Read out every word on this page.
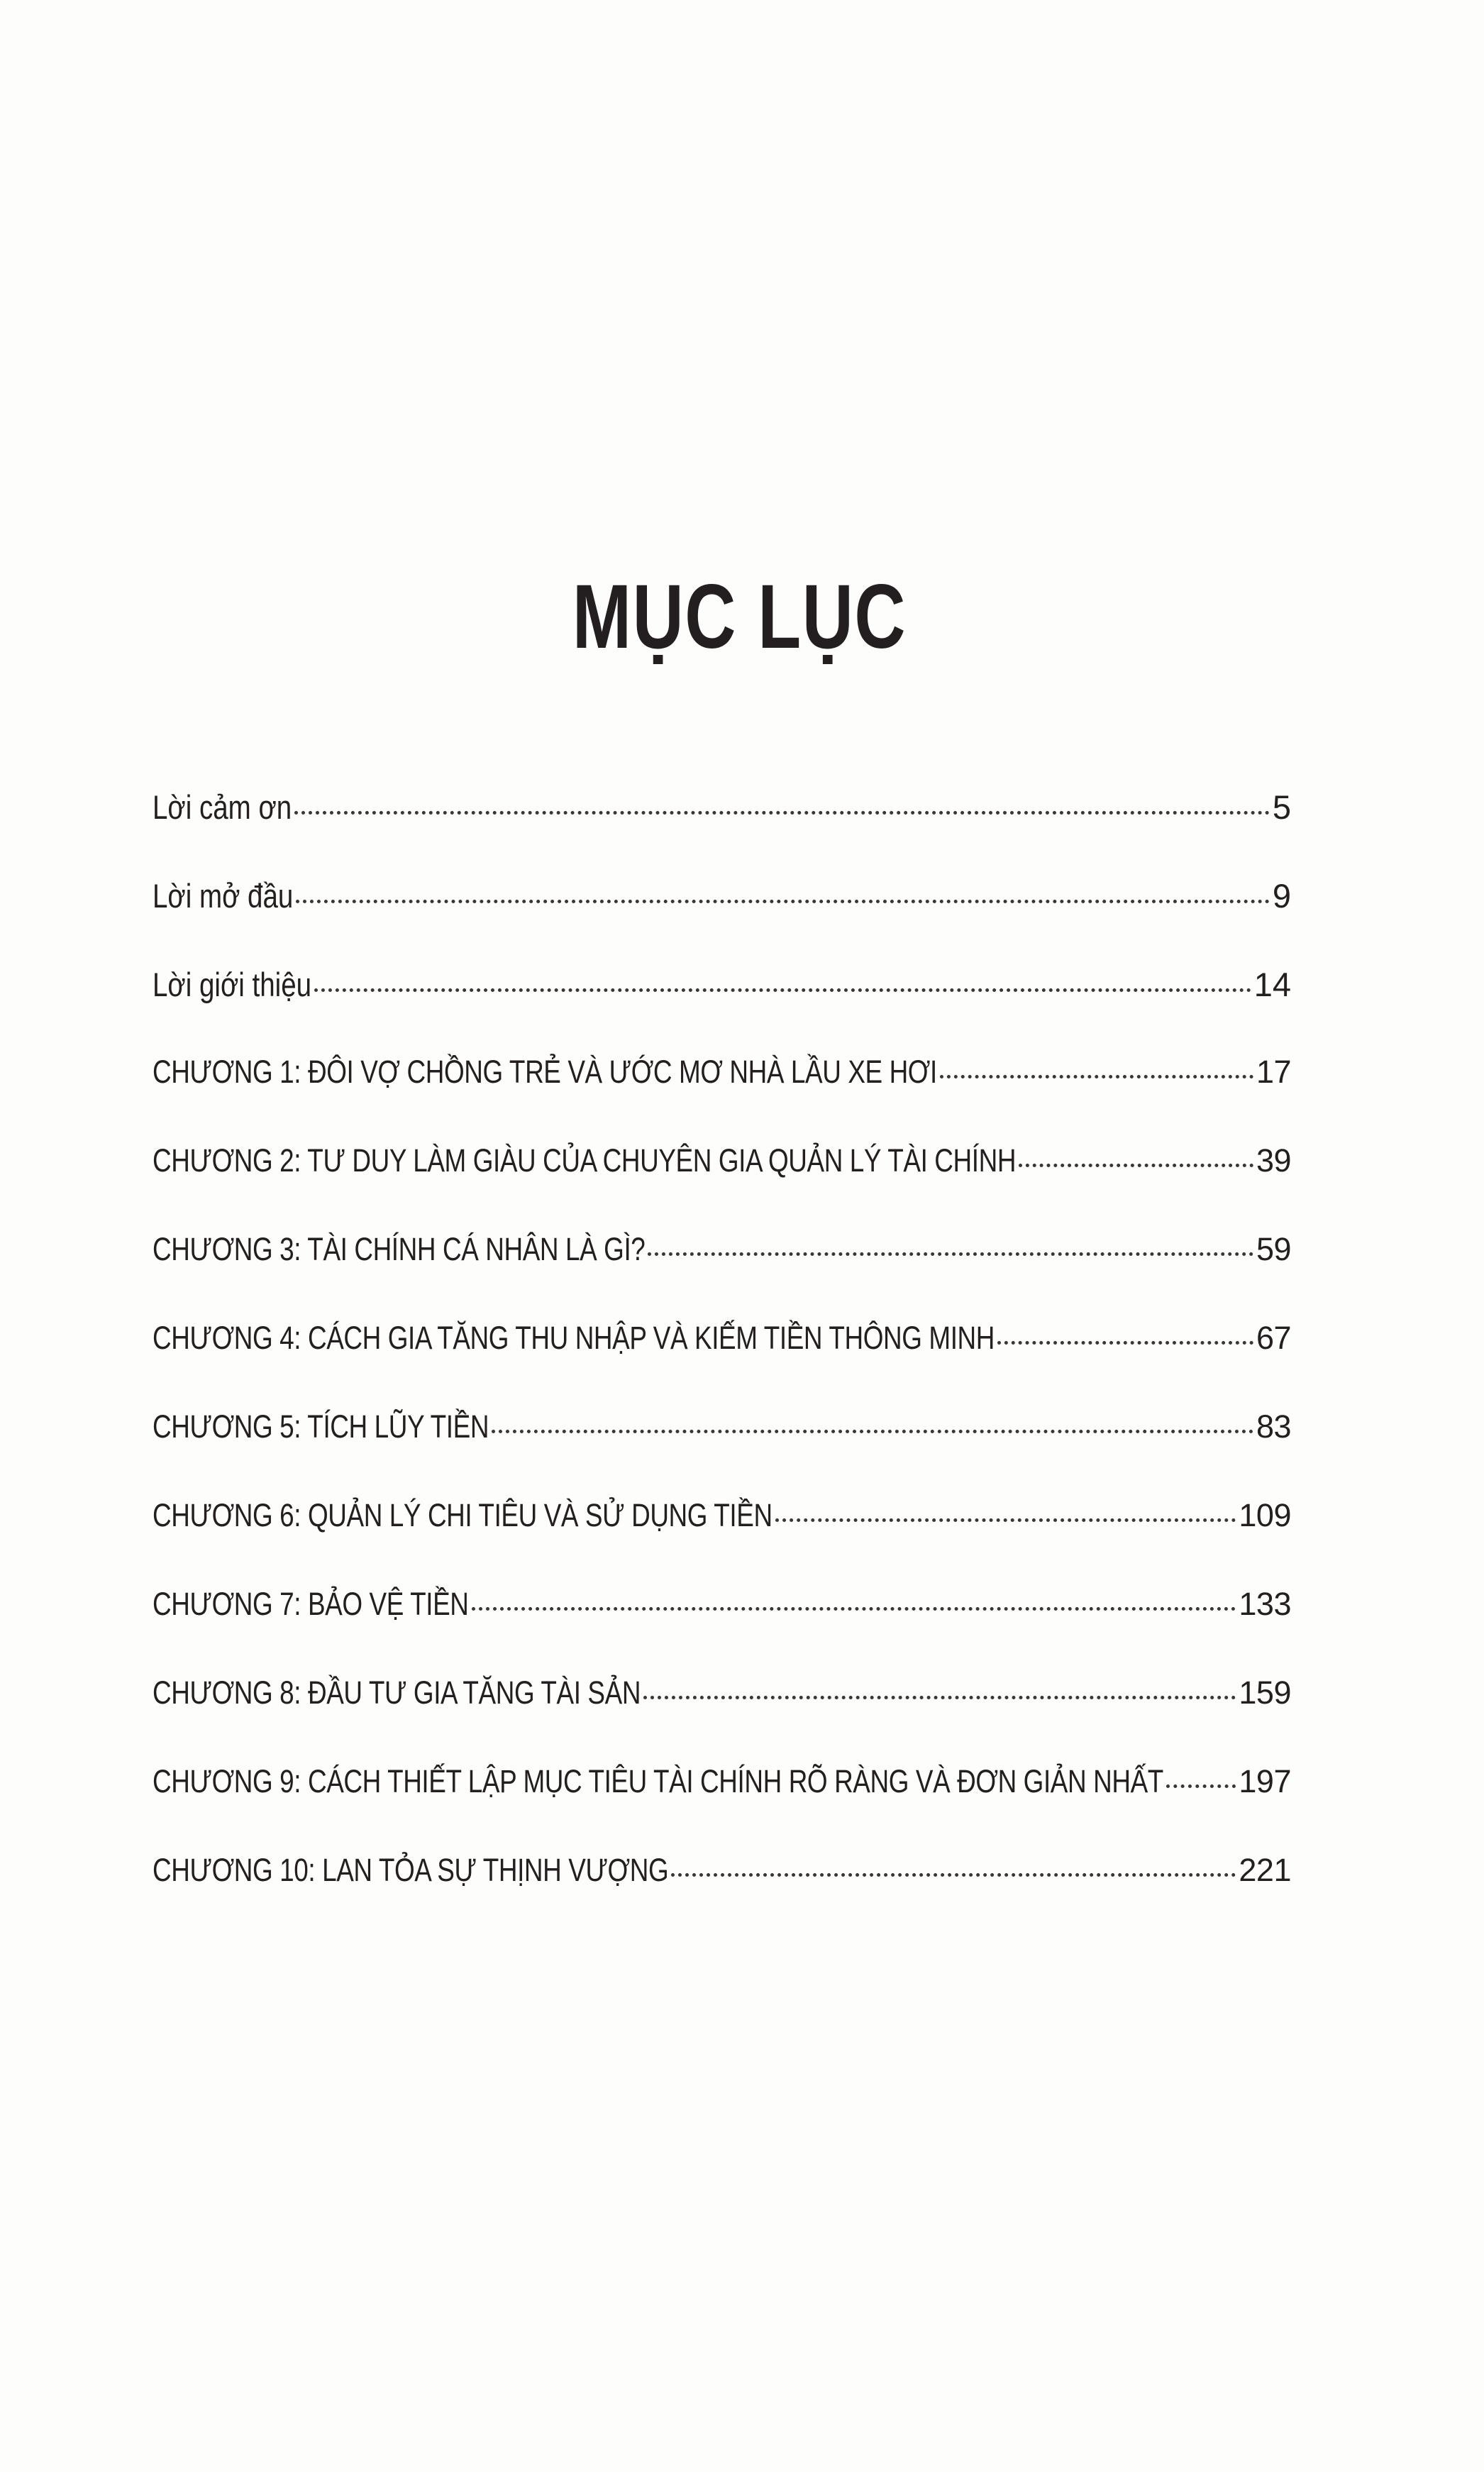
MỤC LỤC
Lời cảm ơn	5
Lời mở đầu	9
Lời giới thiệu	14
CHƯƠNG 1: ĐÔI VỢ CHỒNG TRẺ VÀ ƯỚC MƠ NHÀ LẦU XE HƠI	17
CHƯƠNG 2: TƯ DUY LÀM GIÀU CỦA CHUYÊN GIA QUẢN LÝ TÀI CHÍNH	39
CHƯƠNG 3: TÀI CHÍNH CÁ NHÂN LÀ GÌ?	59
CHƯƠNG 4: CÁCH GIA TĂNG THU NHẬP VÀ KIẾM TIỀN THÔNG MINH	67
CHƯƠNG 5: TÍCH LŨY TIỀN	83
CHƯƠNG 6: QUẢN LÝ CHI TIÊU VÀ SỬ DỤNG TIỀN	109
CHƯƠNG 7: BẢO VỆ TIỀN	133
CHƯƠNG 8: ĐẦU TƯ GIA TĂNG TÀI SẢN	159
CHƯƠNG 9: CÁCH THIẾT LẬP MỤC TIÊU TÀI CHÍNH RÕ RÀNG VÀ ĐƠN GIẢN NHẤT 197
CHƯƠNG 10: LAN TỎA SỰ THỊNH VƯỢNG	221
